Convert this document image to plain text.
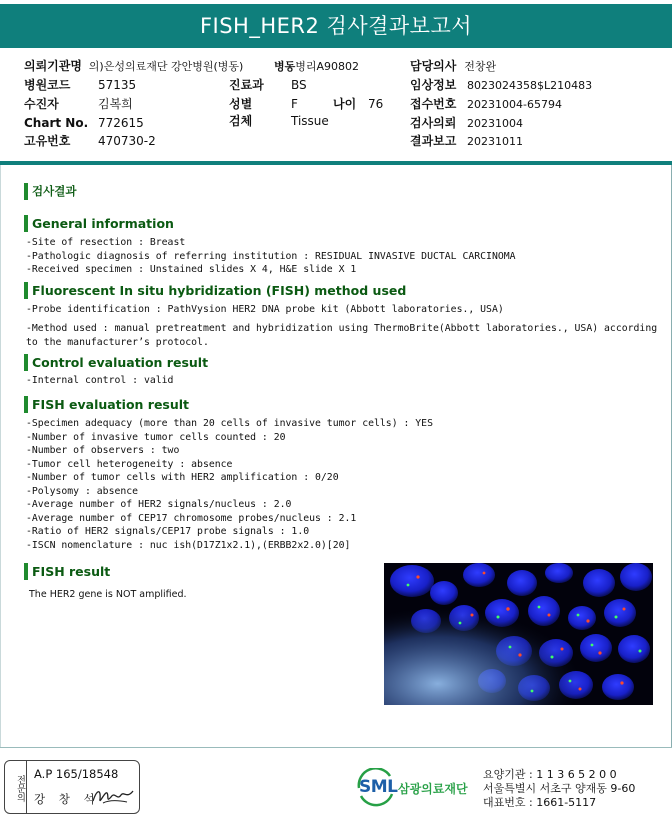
FISH_HER2 검사결과보고서
의뢰기관명 의)은성의료재단 강안병원(병동)	병동병리A90802	담당의사 전창완
병원코드 57135	진료과 BS	임상정보 8023024358$L210483
수진자	김복희	성별	F	나이 76 접수번호 20231004-65794
Chart No. 772615	검체	Tissue	검사의뢰 20231004
고유번호 470730-2	결과보고 20231011
검사결과
General information
-Site of resection : Breast
-Pathologic diagnosis of referring institution : RESIDUAL INVASIVE DUCTAL CARCINOMA
-Received specimen : Unstained slides X 4, H&E slide X 1
Fluorescent In situ hybridization (FISH) method used
-Probe identification : PathVysion HER2 DNA probe kit (Abbott laboratories., USA)
-Method used : manual pretreatment and hybridization using ThermoBrite(Abbott laboratories., USA) according
to the manufacturer’s protocol.
Control evaluation result
-Internal control : valid
FISH evaluation result
-Specimen adequacy (more than 20 cells of invasive tumor cells) : YES
-Number of invasive tumor cells counted : 20
-Number of observers : two
-Tumor cell heterogeneity : absence
-Number of tumor cells with HER2 amplification : 0/20
-Polysomy : absence
-Average number of HER2 signals/nucleus : 2.0
-Average number of CEP17 chromosome probes/nucleus : 2.1
-Ratio of HER2 signals/CEP17 probe signals : 1.0
-ISCN nomenclature : nuc ish(D17Z1x2.1),(ERBB2x2.0)[20]
FISH result
The HER2 gene is NOT amplified.
전문의
A.P 165/18548
강 창 석
SML 삼광의료재단
요양기관 : 1 1 3 6 5 2 0 0
서울특별시 서초구 양재동 9-60
대표번호 : 1661-5117
